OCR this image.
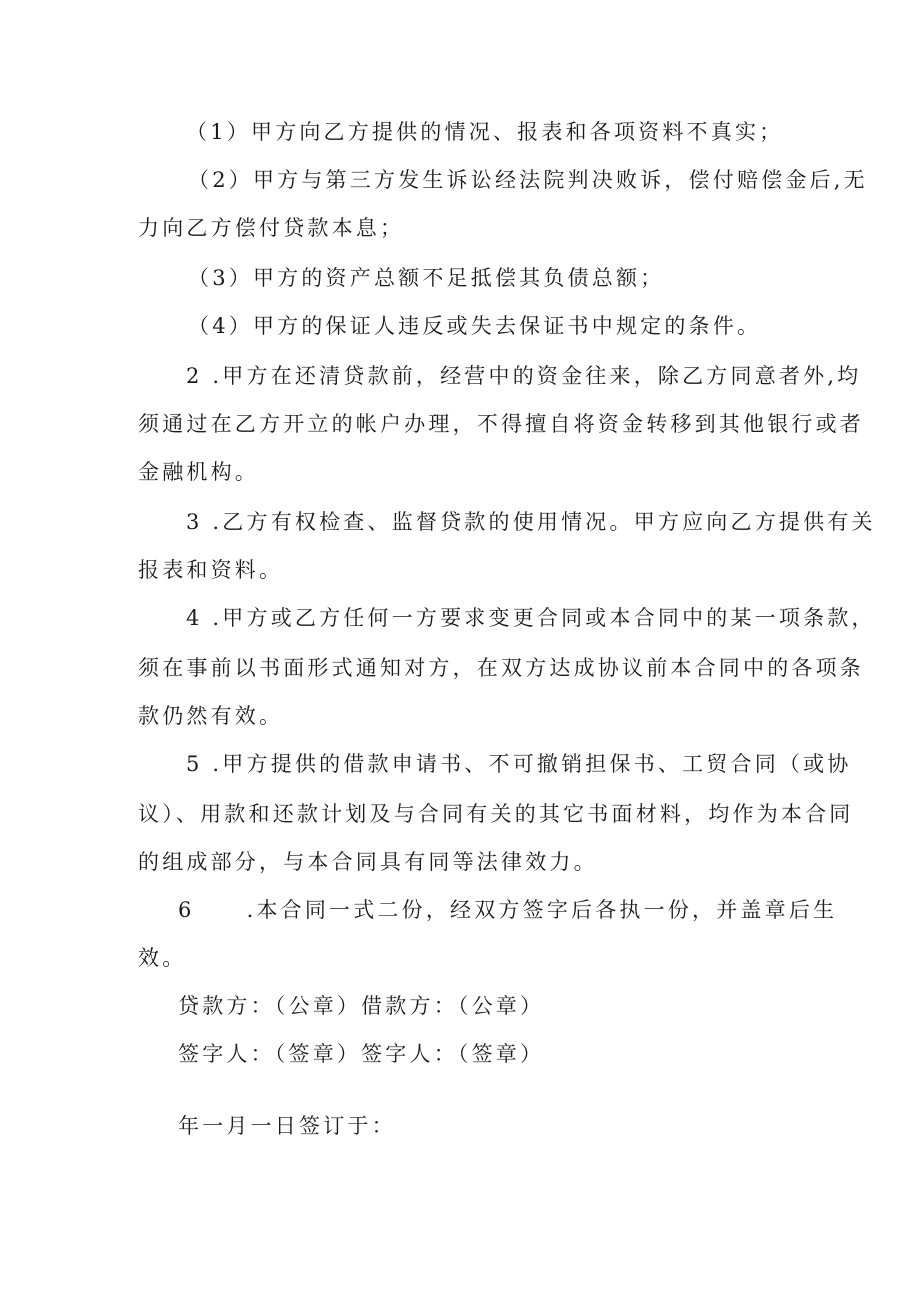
（1）甲方向乙方提供的情况、报表和各项资料不真实；
（2）甲方与第三方发生诉讼经法院判决败诉，偿付赔偿金后,无
力向乙方偿付贷款本息；
（3）甲方的资产总额不足抵偿其负债总额；
（4）甲方的保证人违反或失去保证书中规定的条件。
2 .甲方在还清贷款前，经营中的资金往来，除乙方同意者外,均
须通过在乙方开立的帐户办理，不得擅自将资金转移到其他银行或者
金融机构。
3 .乙方有权检查、监督贷款的使用情况。甲方应向乙方提供有关
报表和资料。
4 .甲方或乙方任何一方要求变更合同或本合同中的某一项条款，
须在事前以书面形式通知对方，在双方达成协议前本合同中的各项条
款仍然有效。
5 .甲方提供的借款申请书、不可撤销担保书、工贸合同（或协
议）、用款和还款计划及与合同有关的其它书面材料，均作为本合同
的组成部分，与本合同具有同等法律效力。
6 .本合同一式二份，经双方签字后各执一份，并盖章后生
效。
贷款方：（公章）借款方：（公章）
签字人：（签章）签字人：（签章）
年一月一日签订于：
